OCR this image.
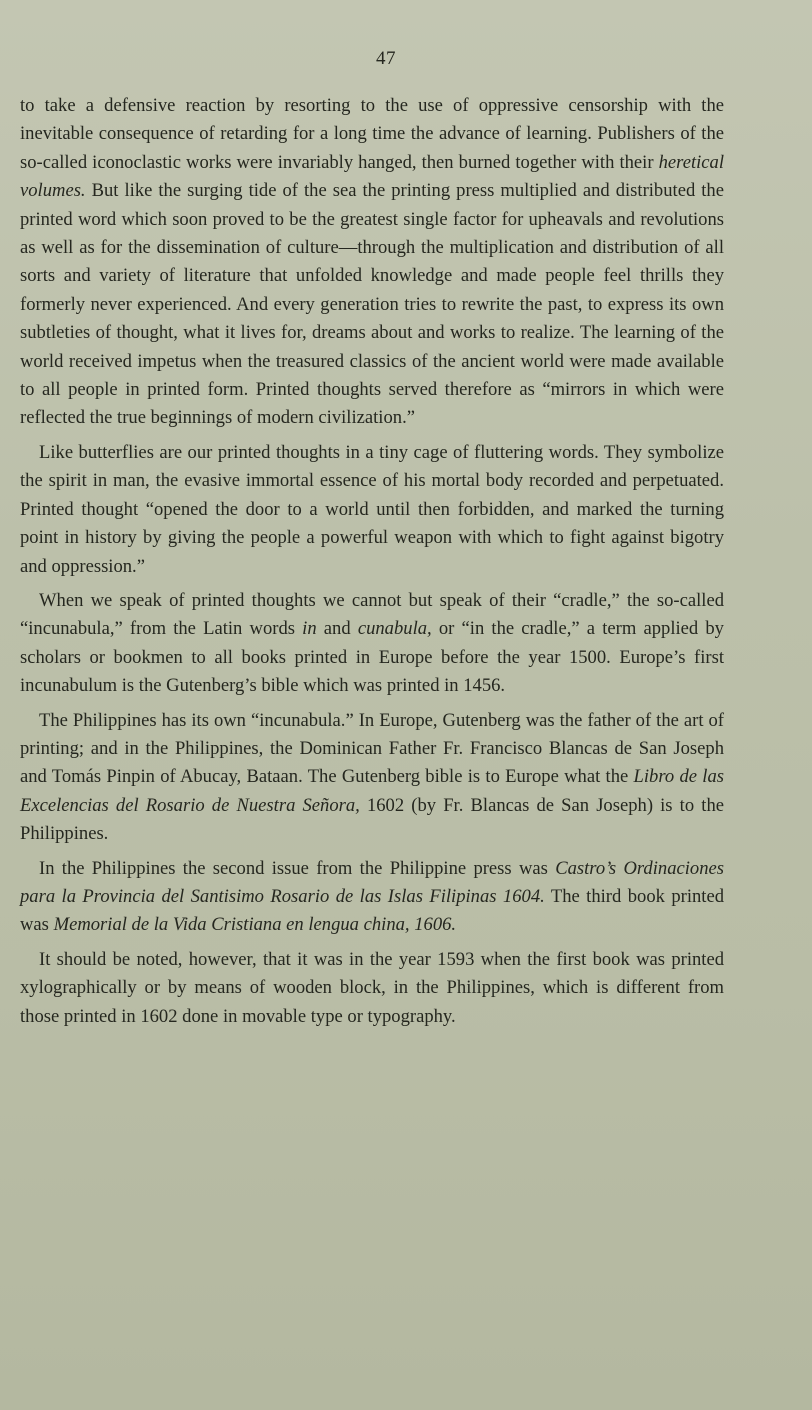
47

to take a defensive reaction by resorting to the use of oppressive censorship with the inevitable consequence of retarding for a long time the advance of learning. Publishers of the so-called iconoclastic works were invariably hanged, then burned together with their heretical volumes. But like the surging tide of the sea the printing press multiplied and distributed the printed word which soon proved to be the greatest single factor for upheavals and revolutions as well as for the dissemination of culture—through the multiplication and distribution of all sorts and variety of literature that unfolded knowledge and made people feel thrills they formerly never experienced. And every generation tries to rewrite the past, to express its own subtleties of thought, what it lives for, dreams about and works to realize. The learning of the world received impetus when the treasured classics of the ancient world were made available to all people in printed form. Printed thoughts served therefore as “mirrors in which were reflected the true beginnings of modern civilization.”

Like butterflies are our printed thoughts in a tiny cage of fluttering words. They symbolize the spirit in man, the evasive immortal essence of his mortal body recorded and perpetuated. Printed thought “opened the door to a world until then forbidden, and marked the turning point in history by giving the people a powerful weapon with which to fight against bigotry and oppression.”

When we speak of printed thoughts we cannot but speak of their “cradle,” the so-called “incunabula,” from the Latin words in and cunabula, or “in the cradle,” a term applied by scholars or bookmen to all books printed in Europe before the year 1500. Europe’s first incunabulum is the Gutenberg’s bible which was printed in 1456.

The Philippines has its own “incunabula.” In Europe, Gutenberg was the father of the art of printing; and in the Philippines, the Dominican Father Fr. Francisco Blancas de San Joseph and Tomás Pinpin of Abucay, Bataan. The Gutenberg bible is to Europe what the Libro de las Excelencias del Rosario de Nuestra Señora, 1602 (by Fr. Blancas de San Joseph) is to the Philippines.

In the Philippines the second issue from the Philippine press was Castro’s Ordinaciones para la Provincia del Santisimo Rosario de las Islas Filipinas 1604. The third book printed was Memorial de la Vida Cristiana en lengua china, 1606.

It should be noted, however, that it was in the year 1593 when the first book was printed xylographically or by means of wooden block, in the Philippines, which is different from those printed in 1602 done in movable type or typography.
